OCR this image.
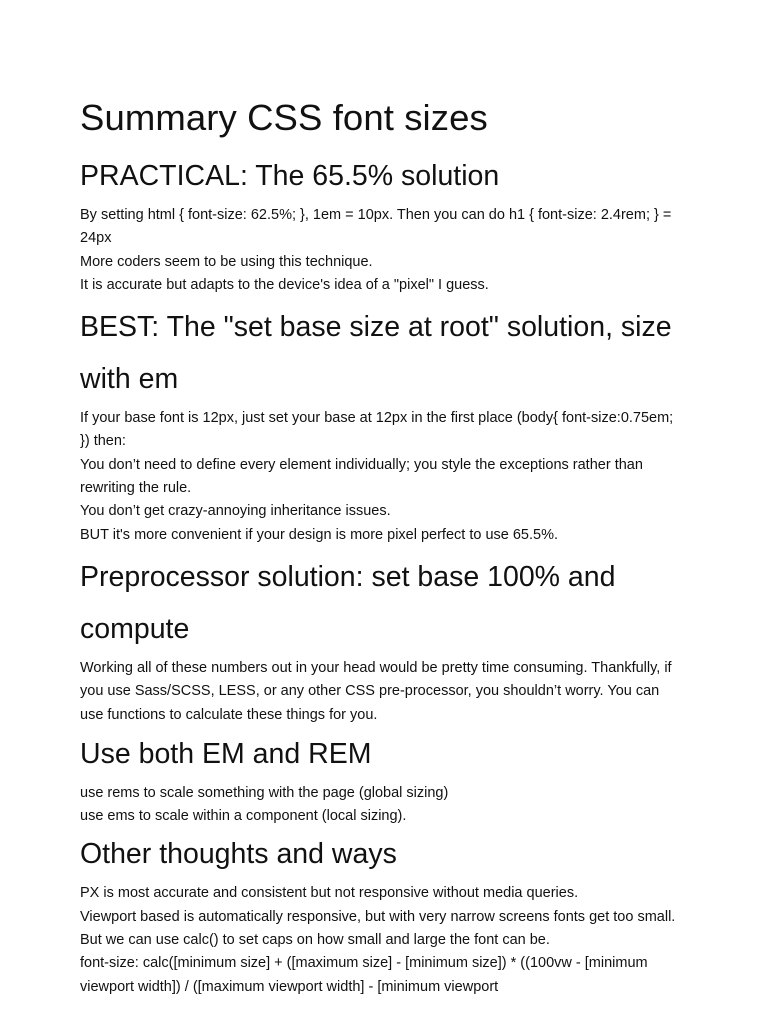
Summary CSS font sizes
PRACTICAL: The 65.5% solution

By setting html { font-size: 62.5%; }, 1em = 10px. Then you can do h1 { font-size: 2.4rem; } = 24px

More coders seem to be using this technique.

It is accurate but adapts to the device's idea of a "pixel" I guess.

BEST: The "set base size at root" solution, size with em

If your base font is 12px, just set your base at 12px in the first place (body{ font-size:0.75em; }) then:

You don’t need to define every element individually; you style the exceptions rather than rewriting the rule.

You don’t get crazy-annoying inheritance issues.

BUT it's more convenient if your design is more pixel perfect to use 65.5%.

Preprocessor solution: set base 100% and compute

Working all of these numbers out in your head would be pretty time consuming. Thankfully, if you use Sass/SCSS, LESS, or any other CSS pre-processor, you shouldn’t worry. You can use functions to calculate these things for you.

Use both EM and REM

use rems to scale something with the page (global sizing)

use ems to scale within a component (local sizing).

Other thoughts and ways

PX is most accurate and consistent but not responsive without media queries.

Viewport based is automatically responsive, but with very narrow screens fonts get too small. But we can use calc() to set caps on how small and large the font can be.

font-size: calc([minimum size] + ([maximum size] - [minimum size]) * ((100vw - [minimum viewport width]) / ([maximum viewport width] - [minimum viewport
